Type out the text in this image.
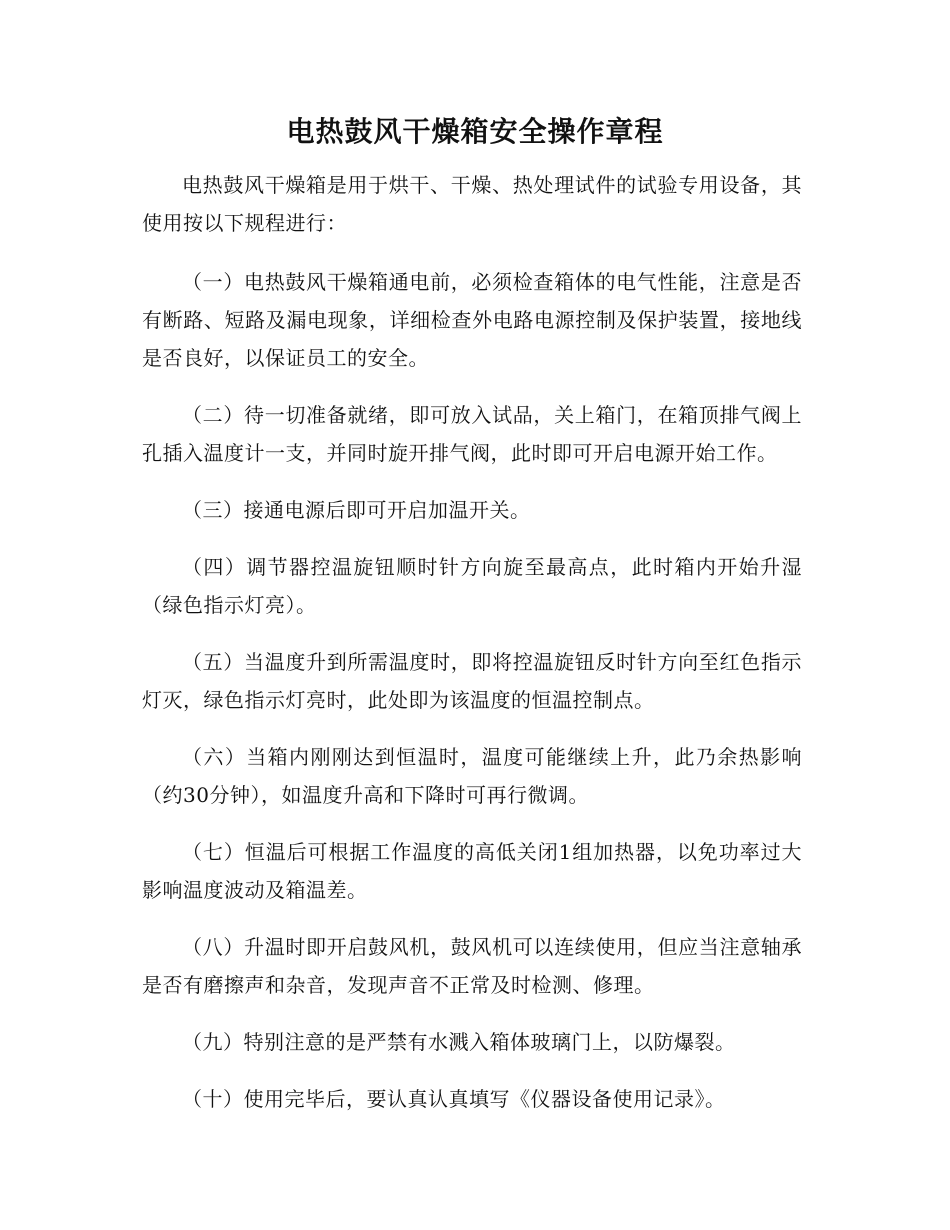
电热鼓风干燥箱安全操作章程

电热鼓风干燥箱是用于烘干、干燥、热处理试件的试验专用设备，其使用按以下规程进行：

（一）电热鼓风干燥箱通电前，必须检查箱体的电气性能，注意是否有断路、短路及漏电现象，详细检查外电路电源控制及保护装置，接地线是否良好，以保证员工的安全。

（二）待一切准备就绪，即可放入试品，关上箱门，在箱顶排气阀上孔插入温度计一支，并同时旋开排气阀，此时即可开启电源开始工作。

（三）接通电源后即可开启加温开关。

（四）调节器控温旋钮顺时针方向旋至最高点，此时箱内开始升湿（绿色指示灯亮）。

（五）当温度升到所需温度时，即将控温旋钮反时针方向至红色指示灯灭，绿色指示灯亮时，此处即为该温度的恒温控制点。

（六）当箱内刚刚达到恒温时，温度可能继续上升，此乃余热影响（约30分钟），如温度升高和下降时可再行微调。

（七）恒温后可根据工作温度的高低关闭1组加热器，以免功率过大影响温度波动及箱温差。

（八）升温时即开启鼓风机，鼓风机可以连续使用，但应当注意轴承是否有磨擦声和杂音，发现声音不正常及时检测、修理。

（九）特别注意的是严禁有水溅入箱体玻璃门上，以防爆裂。

（十）使用完毕后，要认真认真填写《仪器设备使用记录》。
